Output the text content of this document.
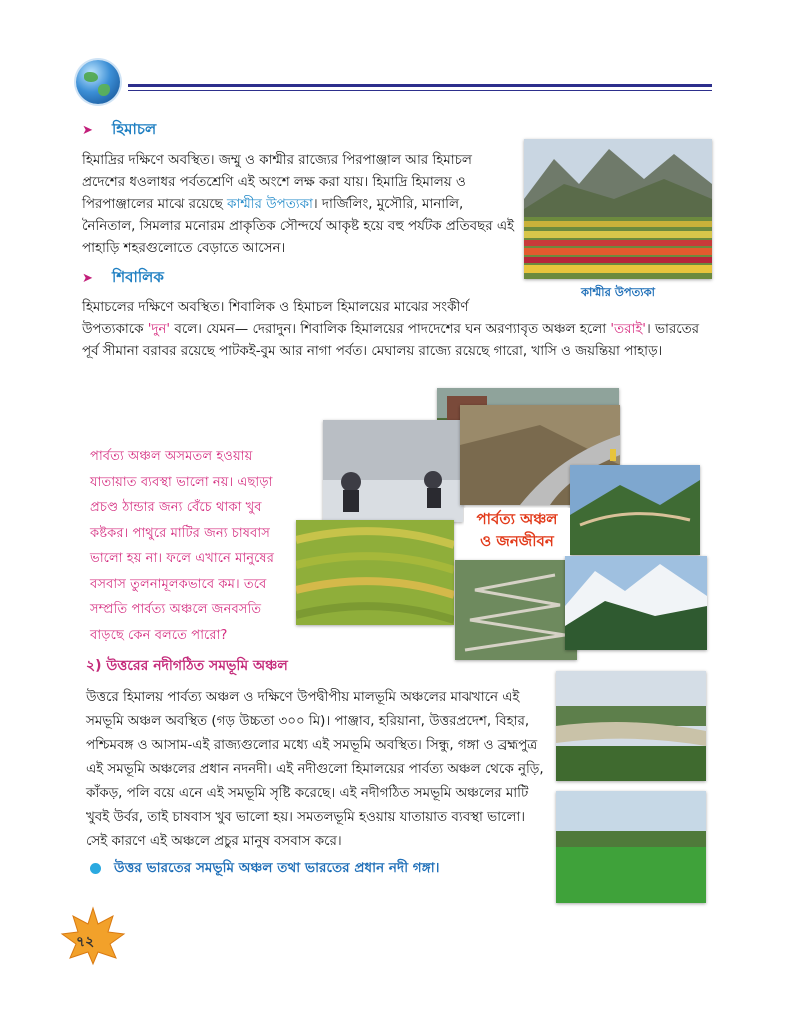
➤ হিমাচল

হিমাদ্রির দক্ষিণে অবস্থিত। জম্মু ও কাশ্মীর রাজ্যের পিরপাঞ্জাল আর হিমাচল প্রদেশের ধওলাধর পর্বতশ্রেণি এই অংশে লক্ষ করা যায়। হিমাদ্রি হিমালয় ও পিরপাঞ্জালের মাঝে রয়েছে কাশ্মীর উপত্যকা। দার্জিলিং, মুসৌরি, মানালি, নৈনিতাল, সিমলার মনোরম প্রাকৃতিক সৌন্দর্যে আকৃষ্ট হয়ে বহু পর্যটক প্রতিবছর এই পাহাড়ি শহরগুলোতে বেড়াতে আসেন।

কাশ্মীর উপত্যকা
➤ শিবালিক

হিমাচলের দক্ষিণে অবস্থিত। শিবালিক ও হিমাচল হিমালয়ের মাঝের সংকীর্ণ

উপত্যকাকে 'দুন' বলে। যেমন— দেরাদুন। শিবালিক হিমালয়ের পাদদেশের ঘন অরণ্যাবৃত অঞ্চল হলো 'তরাই'। ভারতের পূর্ব সীমানা বরাবর রয়েছে পাটকই-বুম আর নাগা পর্বত। মেঘালয় রাজ্যে রয়েছে গারো, খাসি ও জয়ন্তিয়া পাহাড়।

পার্বত্য অঞ্চল অসমতল হওয়ায় যাতায়াত ব্যবস্থা ভালো নয়। এছাড়া প্রচণ্ড ঠান্ডার জন্য বেঁচে থাকা খুব কষ্টকর। পাথুরে মাটির জন্য চাষবাস ভালো হয় না। ফলে এখানে মানুষের বসবাস তুলনামূলকভাবে কম। তবে সম্প্রতি পার্বত্য অঞ্চলে জনবসতি বাড়ছে কেন বলতে পারো?

পার্বত্য অঞ্চল
ও জনজীবন
২) উত্তরের নদীগঠিত সমভূমি অঞ্চল

উত্তরে হিমালয় পার্বত্য অঞ্চল ও দক্ষিণে উপদ্বীপীয় মালভূমি অঞ্চলের মাঝখানে এই সমভূমি অঞ্চল অবস্থিত (গড় উচ্চতা ৩০০ মি)। পাঞ্জাব, হরিয়ানা, উত্তরপ্রদেশ, বিহার, পশ্চিমবঙ্গ ও আসাম-এই রাজ্যগুলোর মধ্যে এই সমভূমি অবস্থিত। সিন্ধু, গঙ্গা ও ব্রহ্মপুত্র এই সমভূমি অঞ্চলের প্রধান নদনদী। এই নদীগুলো হিমালয়ের পার্বত্য অঞ্চল থেকে নুড়ি, কাঁকড়, পলি বয়ে এনে এই সমভূমি সৃষ্টি করেছে। এই নদীগঠিত সমভূমি অঞ্চলের মাটি খুবই উর্বর, তাই চাষবাস খুব ভালো হয়। সমতলভূমি হওয়ায় যাতায়াত ব্যবস্থা ভালো। সেই কারণে এই অঞ্চলে প্রচুর মানুষ বসবাস করে।

উত্তর ভারতের সমভূমি অঞ্চল তথা ভারতের প্রধান নদী গঙ্গা।
৭২
